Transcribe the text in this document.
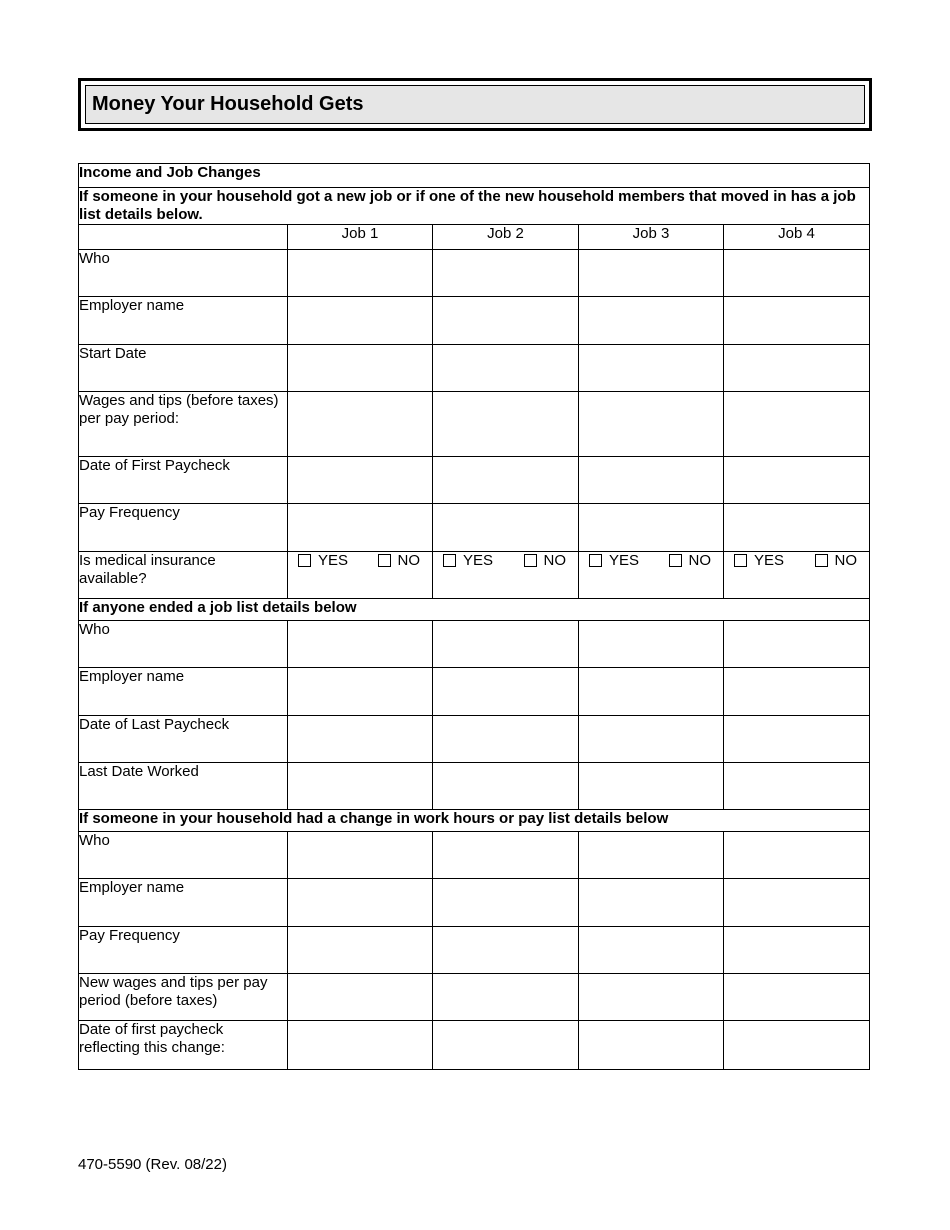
Money Your Household Gets
Income and Job Changes				
If someone in your household got a new job or if one of the new household members that moved in has a job list details below.				
	Job 1	Job 2	Job 3	Job 4
Who				
Employer name				
Start Date				
Wages and tips (before taxes) per pay period:				
Date of First Paycheck				
Pay Frequency				
Is medical insurance available?	YES NO	YES NO	YES NO	YES NO

If anyone ended a job list details below				
Who				
Employer name				
Date of Last Paycheck				
Last Date Worked				
If someone in your household had a change in work hours or pay list details below				
Who				
Employer name				
Pay Frequency				
New wages and tips per pay period (before taxes)				
Date of first paycheck reflecting this change:				
470-5590 (Rev. 08/22)
